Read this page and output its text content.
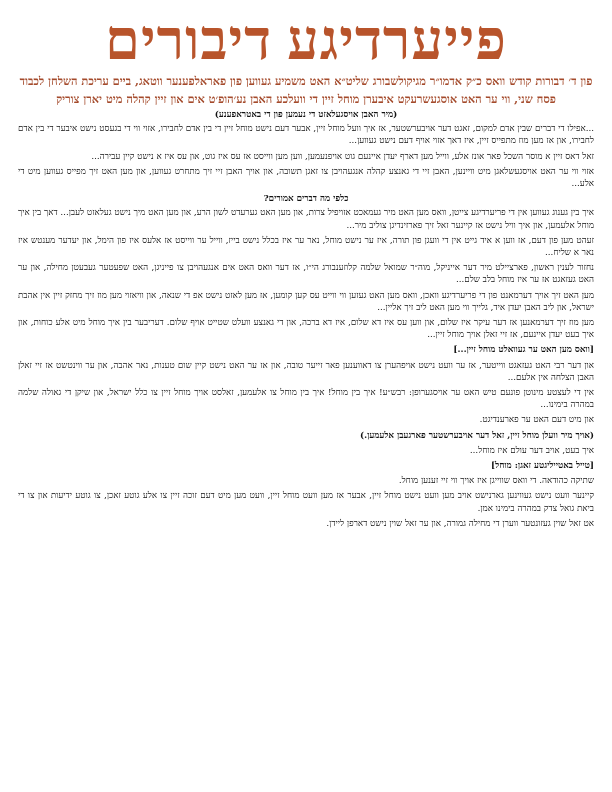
פייערדיגע דיבורים
פון ד׳ דבורות קודש וואס כ״ק אדמו״ר מגיקולשבורג שליט״א האט משמיע געווען פון פאראלפענער ווטאג, ביים עריכת השלחן לכבוד פסח שני, ווי ער האט אוסגעשרעקט איבערן מוחל זיין די וועלכע האבן נע׳הופ׳ט אים און זיין קהלה מיט יארן צוריק
(מיר האבן אויסגעלאזט די נעמען פון די באטראפענע)
...אפילו די דברים שבין אדם למקום, זאגט דער אויבערשטער, אז איך וועל מוחל זיין, אבער דעם נישט מוחל זיין די בין אדם לחבירו, אזוי ווי די בגעסט נישט איבער די בין אדם לחבירו, און אז מען מוז מתפייס זיין, איז דאך אזוי אויף דעם נישט געווען...
זאל דאס זיין א מוסר השכל פאר אונז אלע, ווייל מען דארף יעדן איינעם גוט אויפנעמען, ווען מען ווייסט אז עס איז גוט, און עס איז א נישט קיין עבירה...
אזוי ווי ער האט אויסגעשלאגן מיט וויינען, האבן זיי די גאנצע קהלה אנגעהויבן צו זאגן תשובה, און אויך האבן זיי זיך מתחרט געווען, און מען האט זיך מפייס געווען מיט די אלע...
כלפי מה דברים אמורים?
איך בין גענוג געווען אין די פריערדיגע צייטן, וואס מען האט מיר געמאכט אזויפיל צרות, און מען האט גערעדט לשון הרע, און מען האט מיך נישט געלאזט לעבן... דאך בין איך מוחל אלעמען, און איך וויל נישט אז קיינער זאל זיך פארזינדיגן צוליב מיר...
זעהט מען פון דעם, אז ווען א איד גייט אין די וועגן פון תורה, איז ער נישט מוחל, נאר ער איז בכלל נישט בייז, ווייל ער ווייסט אז אלעס איז פון הימל, און יעדער מענטש איז נאר א שליח...
נחזור לענין ראשון, פארציילט מיר דער אייניקל, מוה״ר שמואל שלמה קלוזענבורג הי״ו, אז דער וואס האט אים אנגעהויבן צו פייניגן, האט שפעטער געבעטן מחילה, און ער האט געזאגט אז ער איז מוחל בלב שלם...
מען האט זיך אויך דערמאנט פון די פריערדיגע וואכן, וואס מען האט געזען ווי ווייט עס קען קומען, אז מען לאזט נישט אפ די שנאה, און וויאזוי מען מוז זיך מחזק זיין אין אהבת ישראל, און ליב האבן יעדן איד, גלייך ווי מען האט ליב זיך אליין...
מען מוז זיך דערמאנען אז דער עיקר איז שלום, און ווען עס איז דא שלום, איז דא ברכה, און די גאנצע וועלט שטייט אויף שלום. דעריבער בין איך מוחל מיט אלע כוחות, און איך בעט יעדן איינעם, אז זיי זאלן אויך מוחל זיין...
[וואס מען האט ער געוואלט מוחל זיין...]
און דער רבי האט געזאגט ווייטער, אז ער וועט נישט אויפהערן צו דאווענען פאר זייער טובה, און אז ער האט נישט קיין שום טענות, נאר אהבה, און ער ווינטשט אז זיי זאלן האבן הצלחה אין אלעם...
אין די לעצטע מינוטן פונעם טיש האט ער אויסגערופן: רבש״ע! איך בין מוחל! איך בין מוחל צו אלעמען, זאלסט אויך מוחל זיין צו כלל ישראל, און שיקן די גאולה שלמה במהרה בימינו...
און מיט דעם האט ער פארענדיגט.
(אויך מיר וועלן מוחל זיין, זאל דער אויבערשטער פארגעבן אלעמען.)
איך בעט, אויב דער עולם איז מוחל...
[טייל באטייליגטע זאגן: מוחל]
שתיקה כהודאה. די וואס שווייגן איז אויך ווי זיי זענען מוחל.
קיינער וועט נישט געווינען גארנישט אויב מען וועט נישט מוחל זיין, אבער אז מען וועט מוחל זיין, וועט מען מיט דעם זוכה זיין צו אלע גוטע זאכן, צו גוטע ידיעות און צו די ביאת גואל צדק במהרה בימינו אמן.
אט זאל שוין געזונטער ווערן די מחילה גמורה, און ער זאל שוין נישט דארפן ליידן.
